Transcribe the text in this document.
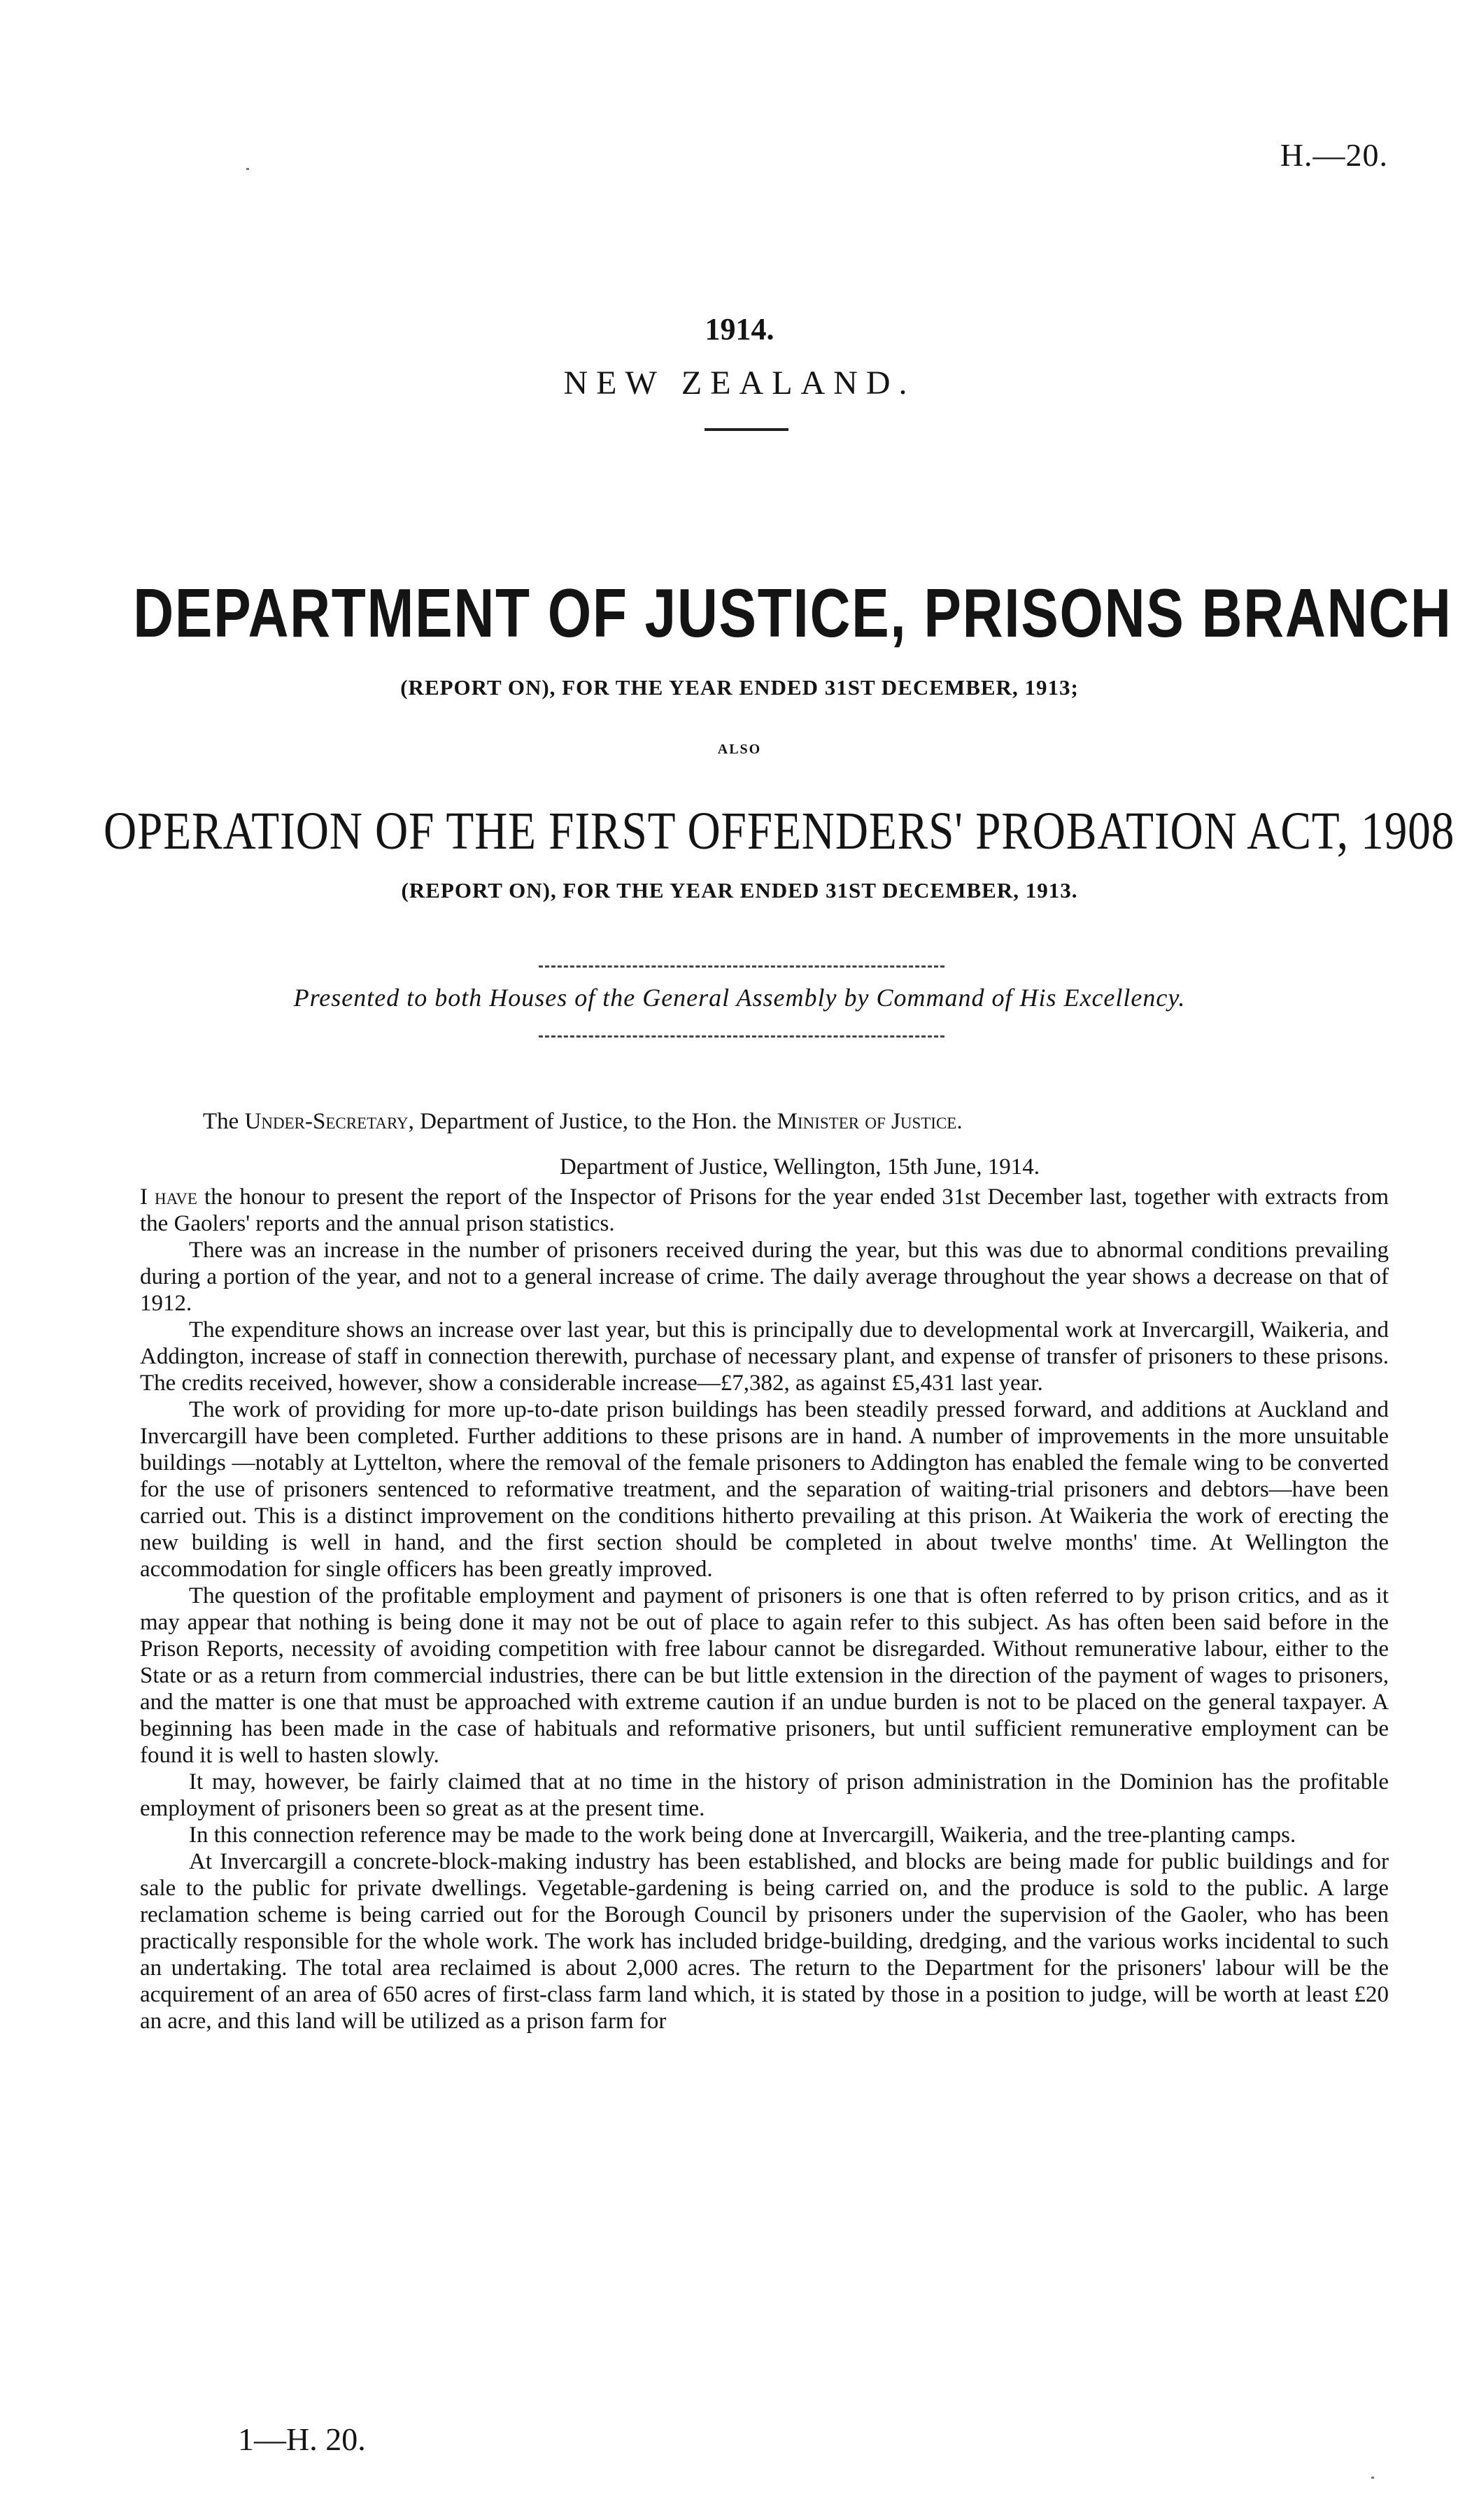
H.—20.
1914.
NEW ZEALAND.
DEPARTMENT OF JUSTICE, PRISONS BRANCH
(REPORT ON), FOR THE YEAR ENDED 31ST DECEMBER, 1913;
ALSO
OPERATION OF THE FIRST OFFENDERS' PROBATION ACT, 1908
(REPORT ON), FOR THE YEAR ENDED 31ST DECEMBER, 1913.
Presented to both Houses of the General Assembly by Command of His Excellency.
The Under-Secretary, Department of Justice, to the Hon. the Minister of Justice.
Department of Justice, Wellington, 15th June, 1914.

I have the honour to present the report of the Inspector of Prisons for the year ended 31st December last, together with extracts from the Gaolers' reports and the annual prison statistics.

There was an increase in the number of prisoners received during the year, but this was due to abnormal conditions prevailing during a portion of the year, and not to a general increase of crime. The daily average throughout the year shows a decrease on that of 1912.

The expenditure shows an increase over last year, but this is principally due to developmental work at Invercargill, Waikeria, and Addington, increase of staff in connection therewith, purchase of necessary plant, and expense of transfer of prisoners to these prisons. The credits received, however, show a considerable increase—£7,382, as against £5,431 last year.

The work of providing for more up-to-date prison buildings has been steadily pressed forward, and additions at Auckland and Invercargill have been completed. Further additions to these prisons are in hand. A number of improvements in the more unsuitable buildings —notably at Lyttelton, where the removal of the female prisoners to Addington has enabled the female wing to be converted for the use of prisoners sentenced to reformative treatment, and the separation of waiting-trial prisoners and debtors—have been carried out. This is a distinct improvement on the conditions hitherto prevailing at this prison. At Waikeria the work of erecting the new building is well in hand, and the first section should be completed in about twelve months' time. At Wellington the accommodation for single officers has been greatly improved.

The question of the profitable employment and payment of prisoners is one that is often referred to by prison critics, and as it may appear that nothing is being done it may not be out of place to again refer to this subject. As has often been said before in the Prison Reports, necessity of avoiding competition with free labour cannot be disregarded. Without remunerative labour, either to the State or as a return from commercial industries, there can be but little extension in the direction of the payment of wages to prisoners, and the matter is one that must be approached with extreme caution if an undue burden is not to be placed on the general taxpayer. A beginning has been made in the case of habituals and reformative prisoners, but until sufficient remunerative employment can be found it is well to hasten slowly.

It may, however, be fairly claimed that at no time in the history of prison administration in the Dominion has the profitable employment of prisoners been so great as at the present time.

In this connection reference may be made to the work being done at Invercargill, Waikeria, and the tree-planting camps.

At Invercargill a concrete-block-making industry has been established, and blocks are being made for public buildings and for sale to the public for private dwellings. Vegetable-gardening is being carried on, and the produce is sold to the public. A large reclamation scheme is being carried out for the Borough Council by prisoners under the supervision of the Gaoler, who has been practically responsible for the whole work. The work has included bridge-building, dredging, and the various works incidental to such an undertaking. The total area reclaimed is about 2,000 acres. The return to the Department for the prisoners' labour will be the acquirement of an area of 650 acres of first-class farm land which, it is stated by those in a position to judge, will be worth at least £20 an acre, and this land will be utilized as a prison farm for

1—H. 20.
